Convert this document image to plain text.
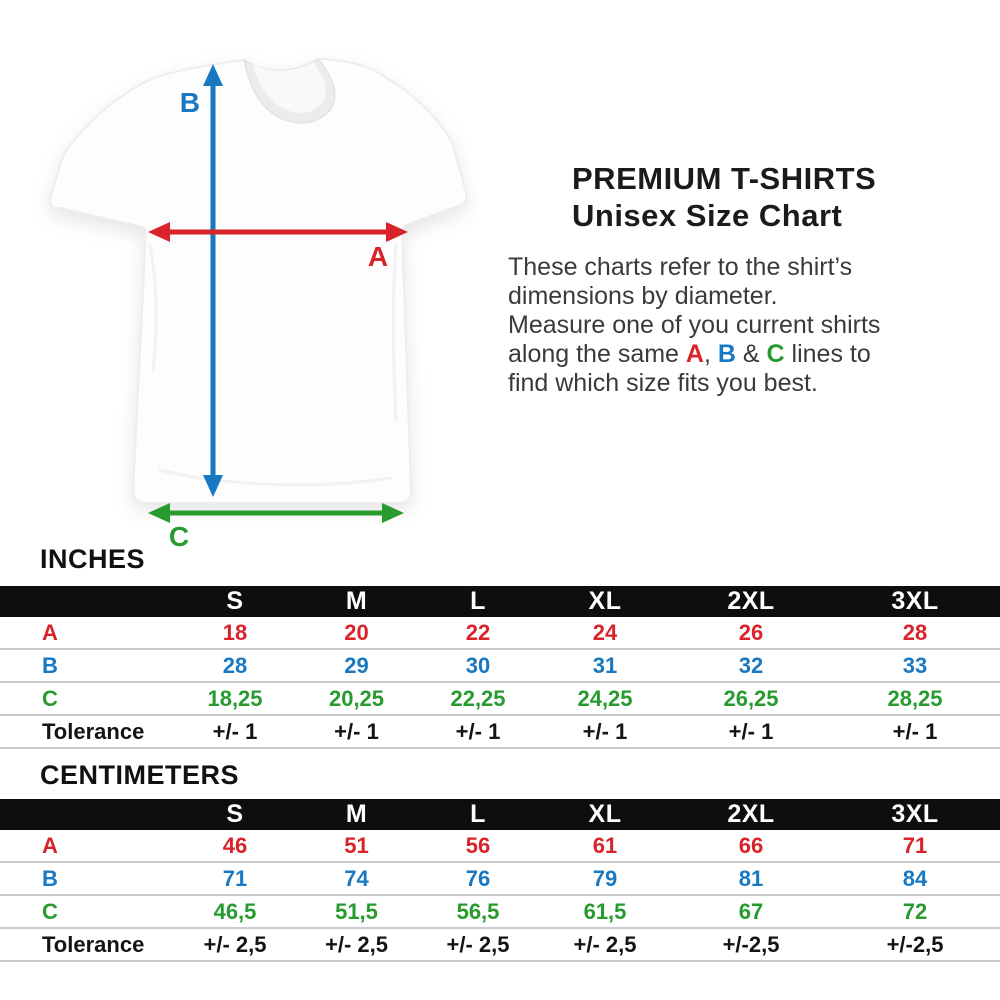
B
A
C
PREMIUM T-SHIRTS
Unisex Size Chart

These charts refer to the shirt’s
dimensions by diameter.
Measure one of you current shirts
along the same A, B & C lines to
find which size fits you best.

INCHES
	S	M	L	XL	2XL	3XL
A	18	20	22	24	26	28
B	28	29	30	31	32	33
C	18,25	20,25	22,25	24,25	26,25	28,25
Tolerance	+/- 1	+/- 1	+/- 1	+/- 1	+/- 1	+/- 1
CENTIMETERS
	S	M	L	XL	2XL	3XL
A	46	51	56	61	66	71
B	71	74	76	79	81	84
C	46,5	51,5	56,5	61,5	67	72
Tolerance	+/- 2,5	+/- 2,5	+/- 2,5	+/- 2,5	+/-2,5	+/-2,5
